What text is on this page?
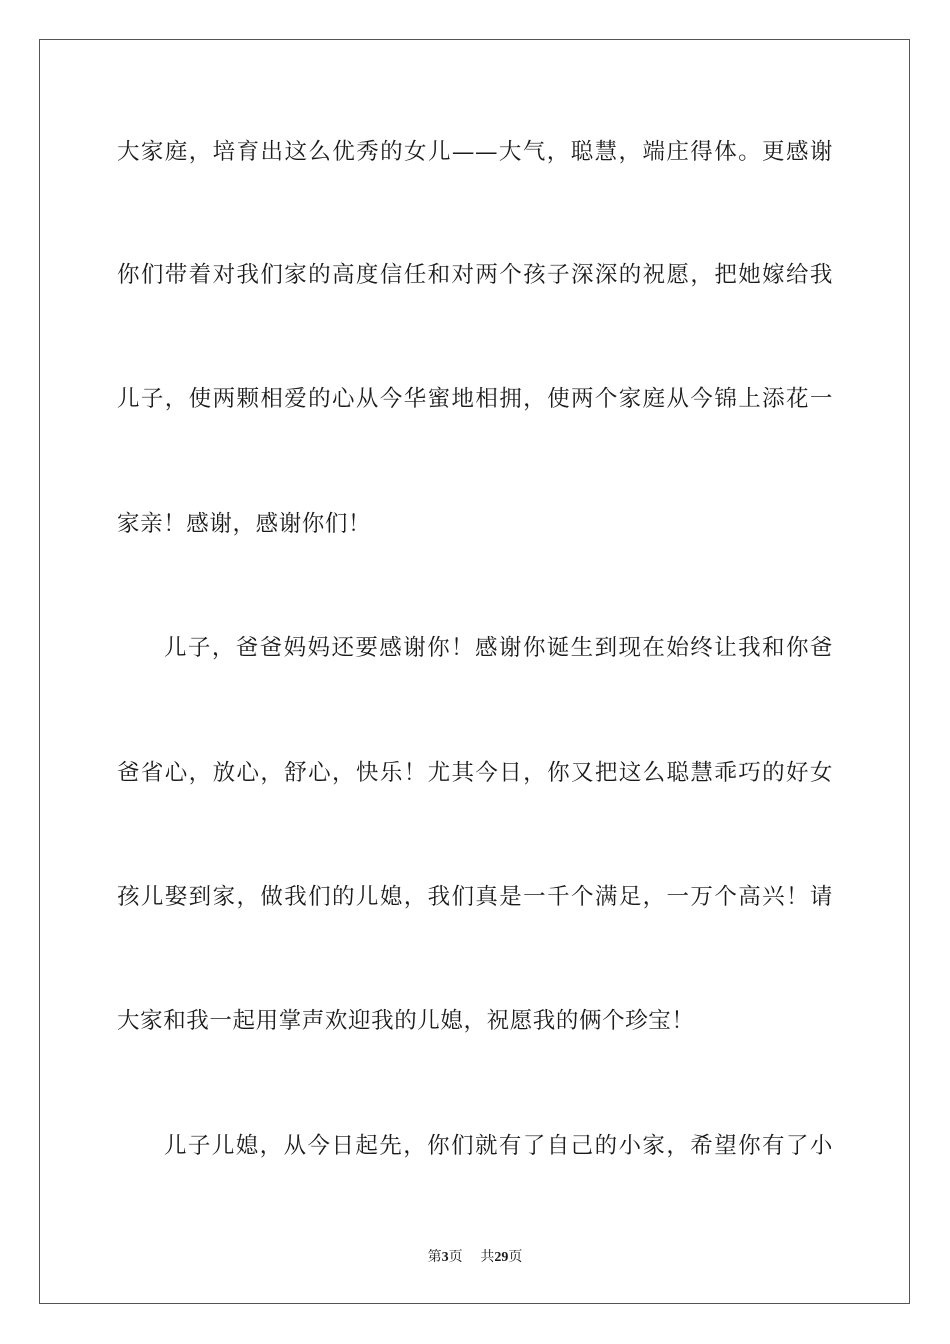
大家庭，培育出这么优秀的女儿——大气，聪慧，端庄得体。更感谢
你们带着对我们家的高度信任和对两个孩子深深的祝愿，把她嫁给我
儿子，使两颗相爱的心从今华蜜地相拥，使两个家庭从今锦上添花一
家亲！感谢，感谢你们！
儿子，爸爸妈妈还要感谢你！感谢你诞生到现在始终让我和你爸
爸省心，放心，舒心，快乐！尤其今日，你又把这么聪慧乖巧的好女
孩儿娶到家，做我们的儿媳，我们真是一千个满足，一万个高兴！请
大家和我一起用掌声欢迎我的儿媳，祝愿我的俩个珍宝！
儿子儿媳，从今日起先，你们就有了自己的小家，希望你有了小
第3页 共29页
